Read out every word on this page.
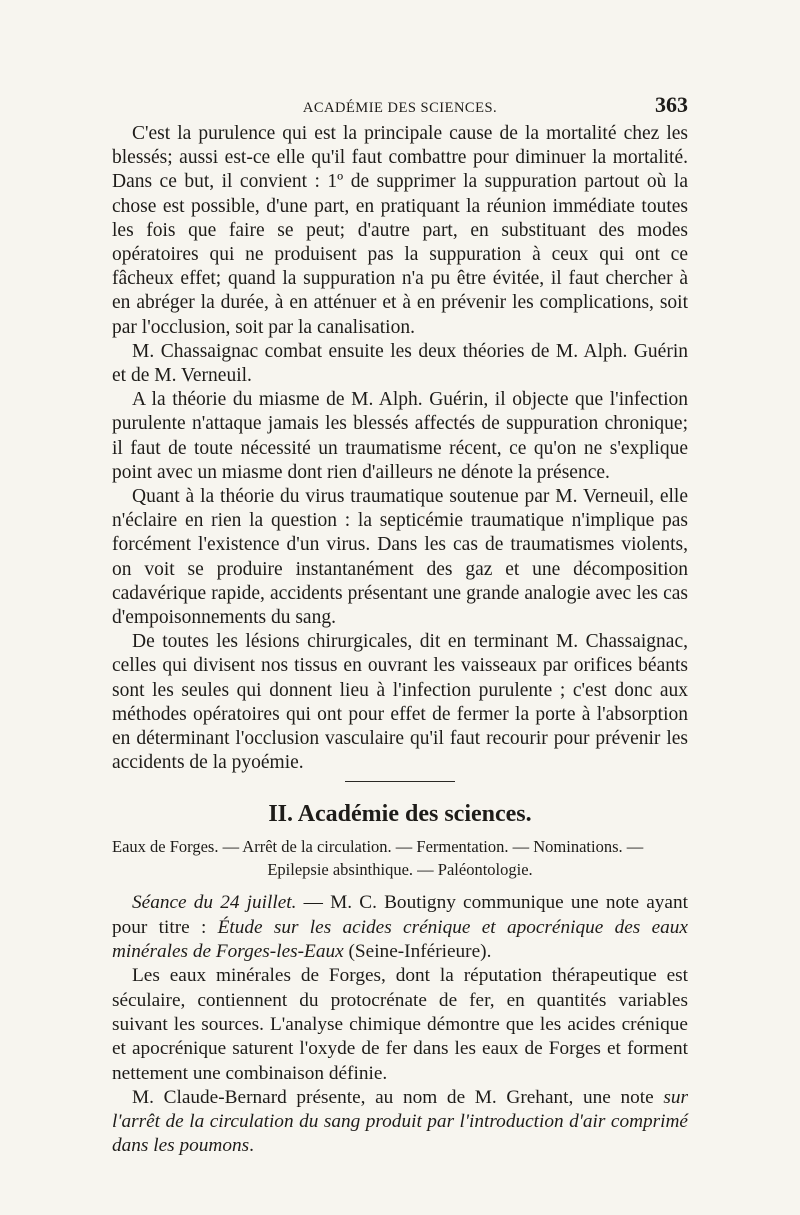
ACADÉMIE DES SCIENCES.	363

C'est la purulence qui est la principale cause de la mortalité chez les blessés; aussi est-ce elle qu'il faut combattre pour diminuer la mortalité. Dans ce but, il convient : 1º de supprimer la suppuration partout où la chose est possible, d'une part, en pratiquant la réunion immédiate toutes les fois que faire se peut; d'autre part, en substituant des modes opératoires qui ne produisent pas la suppuration à ceux qui ont ce fâcheux effet; quand la suppuration n'a pu être évitée, il faut chercher à en abréger la durée, à en atténuer et à en prévenir les complications, soit par l'occlusion, soit par la canalisation.

M. Chassaignac combat ensuite les deux théories de M. Alph. Guérin et de M. Verneuil.

A la théorie du miasme de M. Alph. Guérin, il objecte que l'infection purulente n'attaque jamais les blessés affectés de suppuration chronique; il faut de toute nécessité un traumatisme récent, ce qu'on ne s'explique point avec un miasme dont rien d'ailleurs ne dénote la présence.

Quant à la théorie du virus traumatique soutenue par M. Verneuil, elle n'éclaire en rien la question : la septicémie traumatique n'implique pas forcément l'existence d'un virus. Dans les cas de traumatismes violents, on voit se produire instantanément des gaz et une décomposition cadavérique rapide, accidents présentant une grande analogie avec les cas d'empoisonnements du sang.

De toutes les lésions chirurgicales, dit en terminant M. Chassaignac, celles qui divisent nos tissus en ouvrant les vaisseaux par orifices béants sont les seules qui donnent lieu à l'infection purulente ; c'est donc aux méthodes opératoires qui ont pour effet de fermer la porte à l'absorption en déterminant l'occlusion vasculaire qu'il faut recourir pour prévenir les accidents de la pyoémie.

II. Académie des sciences.
Eaux de Forges. — Arrêt de la circulation. — Fermentation. — Nominations. —
Epilepsie absinthique. — Paléontologie.

Séance du 24 juillet. — M. C. Boutigny communique une note ayant pour titre : Étude sur les acides crénique et apocrénique des eaux minérales de Forges-les-Eaux (Seine-Inférieure).

Les eaux minérales de Forges, dont la réputation thérapeutique est séculaire, contiennent du protocrénate de fer, en quantités variables suivant les sources. L'analyse chimique démontre que les acides crénique et apocrénique saturent l'oxyde de fer dans les eaux de Forges et forment nettement une combinaison définie.

M. Claude-Bernard présente, au nom de M. Grehant, une note sur l'arrêt de la circulation du sang produit par l'introduction d'air comprimé dans les poumons.
